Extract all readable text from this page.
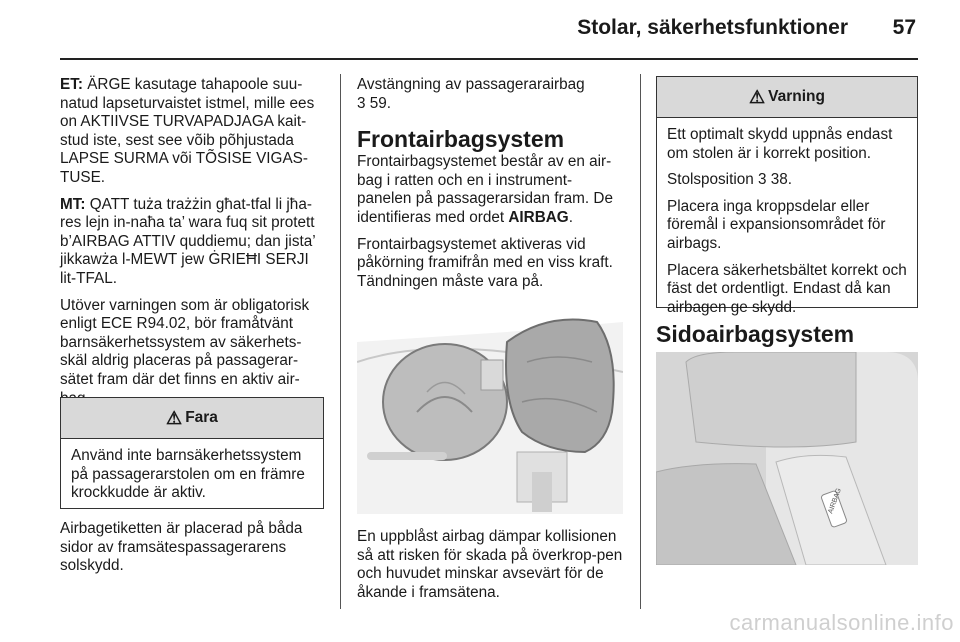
Stolar, säkerhetsfunktioner 57

ET: ÄRGE kasutage tahapoole suu-natud lapseturvaistet istmel, mille ees on AKTIIVSE TURVAPADJAGA kait-stud iste, sest see võib põhjustada LAPSE SURMA või TÕSISE VIGAS-TUSE.

MT: QATT tuża trażżin għat-tfal li jħa-res lejn in-naħa ta’ wara fuq sit protett b’AIRBAG ATTIV quddiemu; dan jista’ jikkawża l-MEWT jew ĠRIEĦI SERJI lit-TFAL.

Utöver varningen som är obligatorisk enligt ECE R94.02, bör framåtvänt barnsäkerhetssystem av säkerhets-skäl aldrig placeras på passagerar-sätet fram där det finns en aktiv air-

⚠ Fara

Använd inte barnsäkerhetssystem på passagerarstolen om en främre krockkudde är aktiv.

Airbagetiketten är placerad på båda sidor av framsätespassagerarens solskydd.

Avstängning av passagerarairbag
3 59.

Frontairbagsystem

Frontairbagsystemet består av en air-bag i ratten och en i instrument-panelen på passagerarsidan fram. De identifieras med ordet AIRBAG.

Frontairbagsystemet aktiveras vid påkörning framifrån med en viss kraft. Tändningen måste vara på.

En uppblåst airbag dämpar kollisionen så att risken för skada på överkrop-pen och huvudet minskar avsevärt för de åkande i framsätena.

⚠ Varning

Ett optimalt skydd uppnås endast om stolen är i korrekt position.

Stolsposition 3 38.

Placera inga kroppsdelar eller föremål i expansionsområdet för airbags.

Placera säkerhetsbältet korrekt och fäst det ordentligt. Endast då kan airbagen ge skydd.

Sidoairbagsystem
AIRBAG
carmanualsonline.info
